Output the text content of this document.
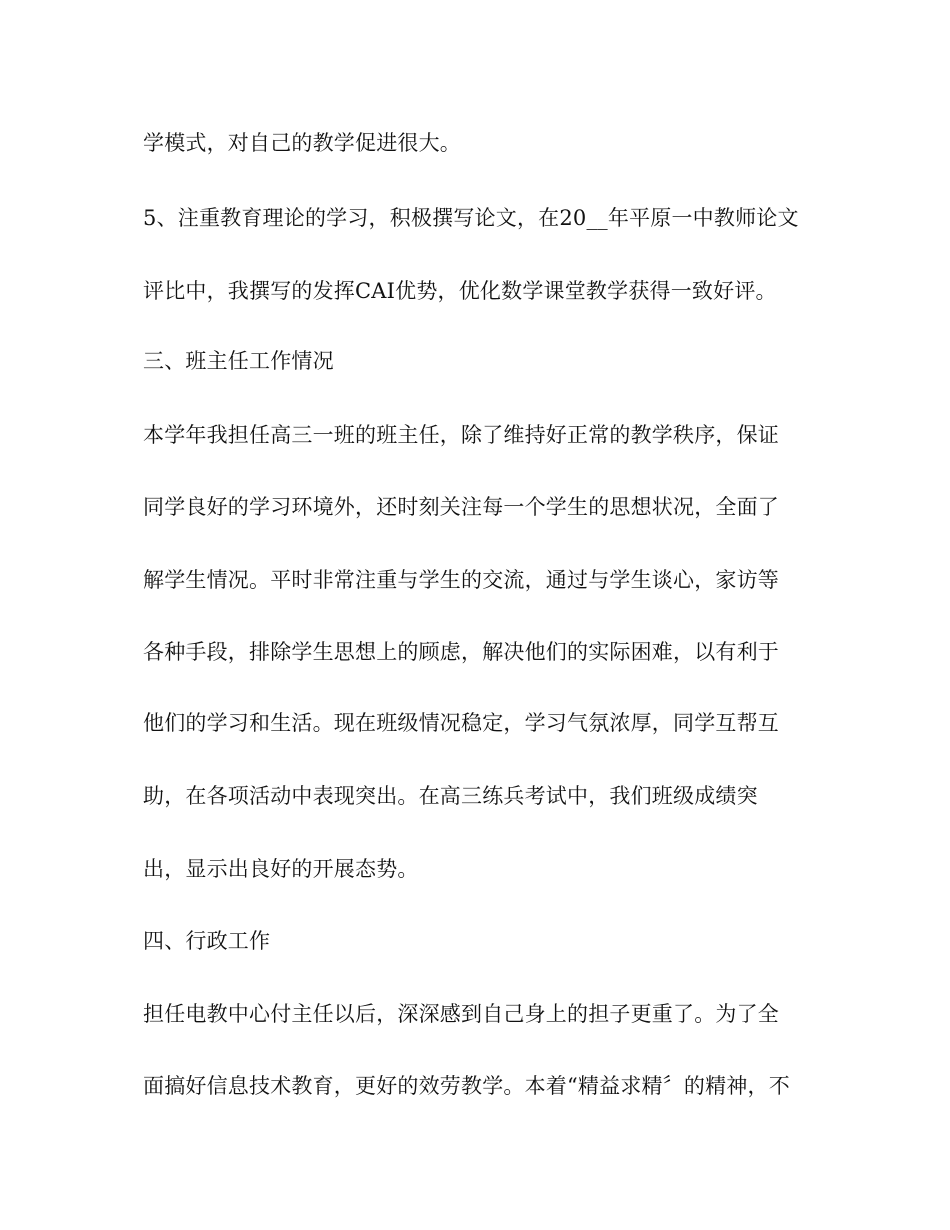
学模式，对自己的教学促进很大。

5、注重教育理论的学习，积极撰写论文，在20__年平原一中教师论文

评比中，我撰写的发挥CAI优势，优化数学课堂教学获得一致好评。

三、班主任工作情况

本学年我担任高三一班的班主任，除了维持好正常的教学秩序，保证

同学良好的学习环境外，还时刻关注每一个学生的思想状况，全面了

解学生情况。平时非常注重与学生的交流，通过与学生谈心，家访等

各种手段，排除学生思想上的顾虑，解决他们的实际困难，以有利于

他们的学习和生活。现在班级情况稳定，学习气氛浓厚，同学互帮互

助，在各项活动中表现突出。在高三练兵考试中，我们班级成绩突

出，显示出良好的开展态势。

四、行政工作

担任电教中心付主任以后，深深感到自己身上的担子更重了。为了全

面搞好信息技术教育，更好的效劳教学。本着“精益求精〞的精神，不
